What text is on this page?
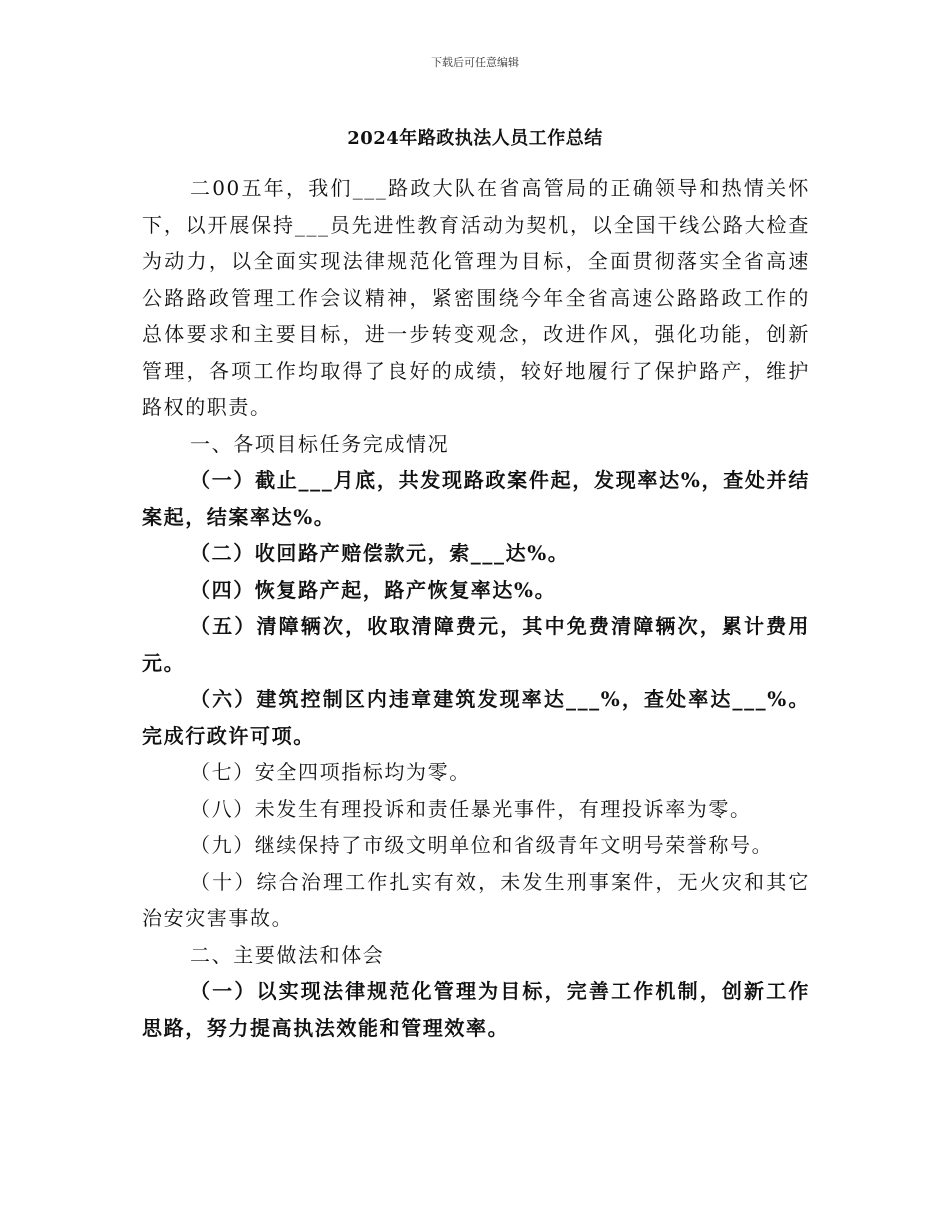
下载后可任意编辑
2024年路政执法人员工作总结

二00五年，我们___路政大队在省高管局的正确领导和热情关怀下，以开展保持___员先进性教育活动为契机，以全国干线公路大检查为动力，以全面实现法律规范化管理为目标，全面贯彻落实全省高速公路路政管理工作会议精神，紧密围绕今年全省高速公路路政工作的总体要求和主要目标，进一步转变观念，改进作风，强化功能，创新管理，各项工作均取得了良好的成绩，较好地履行了保护路产，维护路权的职责。

一、各项目标任务完成情况

（一）截止___月底，共发现路政案件起，发现率达%，查处并结案起，结案率达%。

（二）收回路产赔偿款元，索___达%。

（四）恢复路产起，路产恢复率达%。

（五）清障辆次，收取清障费元，其中免费清障辆次，累计费用元。

（六）建筑控制区内违章建筑发现率达___%，查处率达___%。完成行政许可项。

（七）安全四项指标均为零。

（八）未发生有理投诉和责任暴光事件，有理投诉率为零。

（九）继续保持了市级文明单位和省级青年文明号荣誉称号。

（十）综合治理工作扎实有效，未发生刑事案件，无火灾和其它治安灾害事故。

二、主要做法和体会

（一）以实现法律规范化管理为目标，完善工作机制，创新工作思路，努力提高执法效能和管理效率。
